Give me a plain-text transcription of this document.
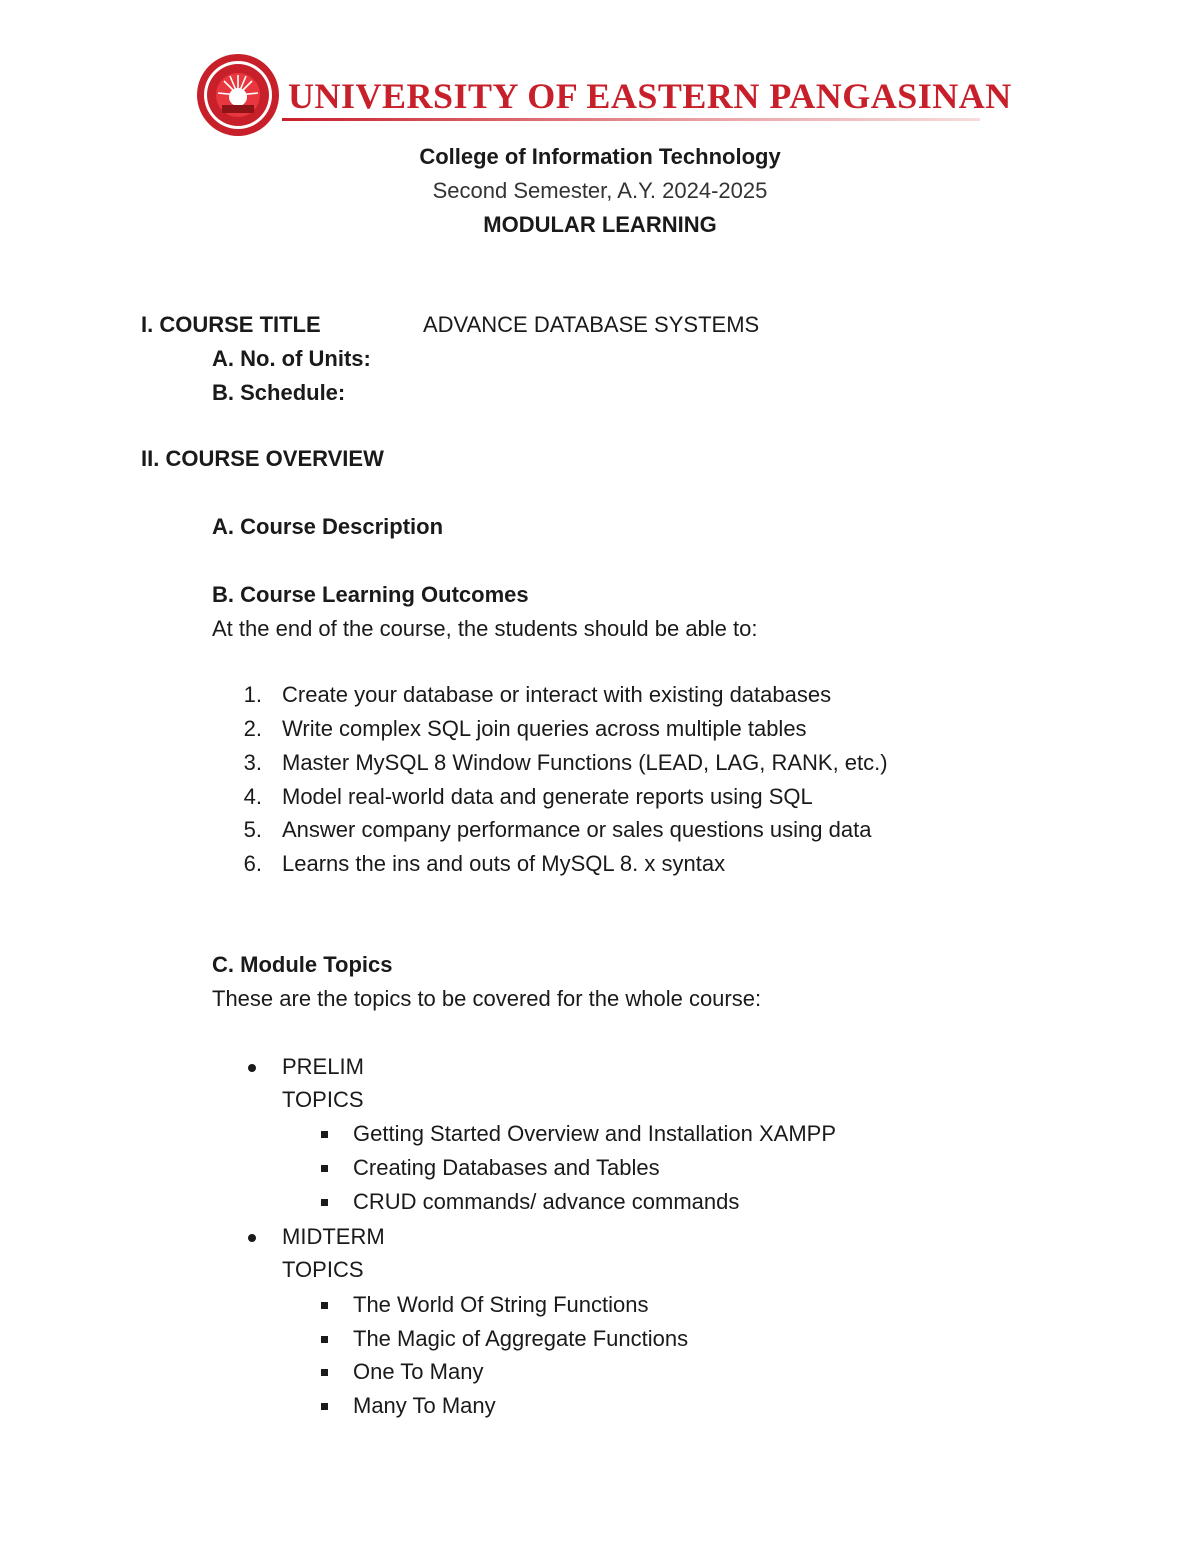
UNIVERSITY OF EASTERN PANGASINAN
College of Information Technology
Second Semester, A.Y. 2024-2025
MODULAR LEARNING
I. COURSE TITLE	ADVANCE DATABASE SYSTEMS
A. No. of Units:
B. Schedule:
II. COURSE OVERVIEW
A. Course Description
B. Course Learning Outcomes
At the end of the course, the students should be able to:
1. Create your database or interact with existing databases
2. Write complex SQL join queries across multiple tables
3. Master MySQL 8 Window Functions (LEAD, LAG, RANK, etc.)
4. Model real-world data and generate reports using SQL
5. Answer company performance or sales questions using data
6. Learns the ins and outs of MySQL 8. x syntax
C. Module Topics
These are the topics to be covered for the whole course:
PRELIM
TOPICS
Getting Started Overview and Installation XAMPP
Creating Databases and Tables
CRUD commands/ advance commands
MIDTERM
TOPICS
The World Of String Functions
The Magic of Aggregate Functions
One To Many
Many To Many
